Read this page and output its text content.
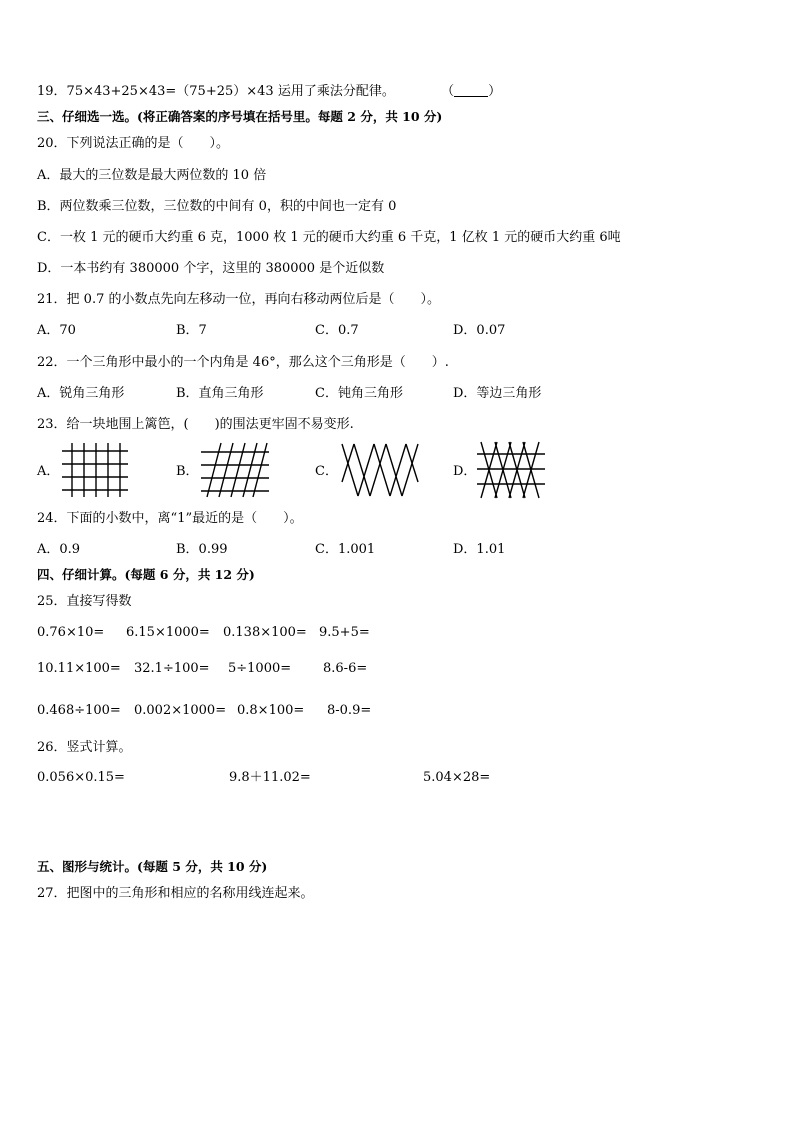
19．75×43+25×43=（75+25）×43 运用了乘法分配律。	（	）
三、仔细选一选。(将正确答案的序号填在括号里。每题 2 分，共 10 分)
20．下列说法正确的是（　　）。
A．最大的三位数是最大两位数的 10 倍
B．两位数乘三位数，三位数的中间有 0，积的中间也一定有 0
C．一枚 1 元的硬币大约重 6 克，1000 枚 1 元的硬币大约重 6 千克，1 亿枚 1 元的硬币大约重 6吨
D．一本书约有 380000 个字，这里的 380000 是个近似数
21．把 0.7 的小数点先向左移动一位，再向右移动两位后是（　　）。
A．70	B．7	C．0.7	D．0.07
22．一个三角形中最小的一个内角是 46°，那么这个三角形是（　　）.
A．锐角三角形	B．直角三角形	C．钝角三角形	D．等边三角形
23．给一块地围上篱笆，(　　)的围法更牢固不易变形.
A．	B．	C．	D．
24．下面的小数中，离“1”最近的是（　　）。
A．0.9	B．0.99	C．1.001	D．1.01
四、仔细计算。(每题 6 分，共 12 分)
25．直接写得数
0.76×10= 6.15×1000= 0.138×100= 9.5+5=
10.11×100= 32.1÷100= 5÷1000= 8.6-6=
0.468÷100= 0.002×1000= 0.8×100= 8-0.9=
26．竖式计算。
0.056×0.15=	9.8＋11.02=	5.04×28=
五、图形与统计。(每题 5 分，共 10 分)
27．把图中的三角形和相应的名称用线连起来。
